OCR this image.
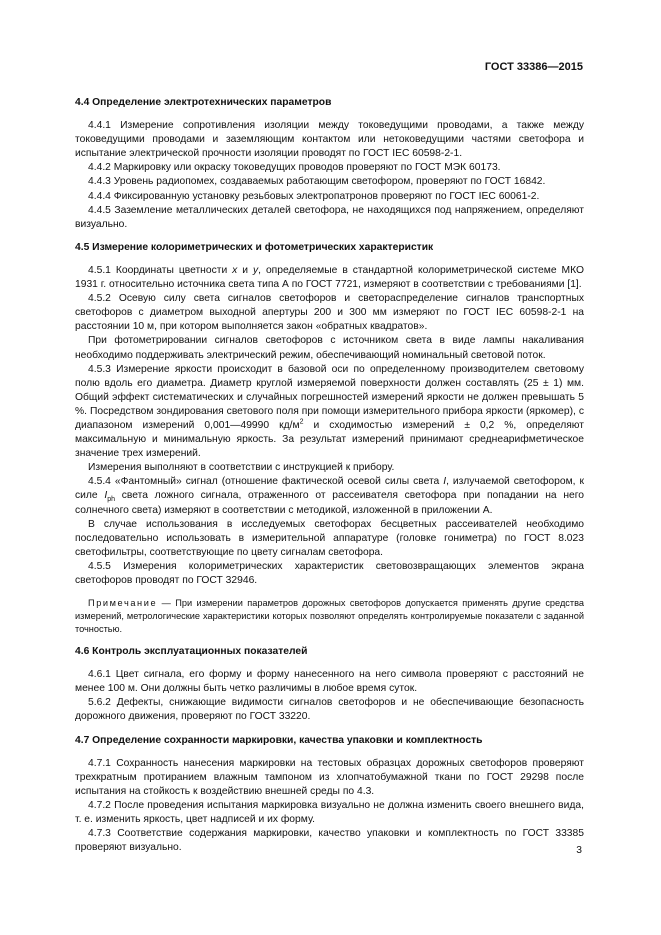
ГОСТ 33386—2015

4.4 Определение электротехнических параметров

4.4.1 Измерение сопротивления изоляции между токоведущими проводами, а также между токоведущими проводами и заземляющим контактом или нетоковедущими частями светофора и испытание электрической прочности изоляции проводят по ГОСТ IEC 60598-2-1.

4.4.2 Маркировку или окраску токоведущих проводов проверяют по ГОСТ МЭК 60173.

4.4.3 Уровень радиопомех, создаваемых работающим светофором, проверяют по ГОСТ 16842.

4.4.4 Фиксированную установку резьбовых электропатронов проверяют по ГОСТ IEC 60061-2.

4.4.5 Заземление металлических деталей светофора, не находящихся под напряжением, определяют визуально.

4.5 Измерение колориметрических и фотометрических характеристик

4.5.1 Координаты цветности x и y, определяемые в стандартной колориметрической системе МКО 1931 г. относительно источника света типа А по ГОСТ 7721, измеряют в соответствии с требованиями [1].

4.5.2 Осевую силу света сигналов светофоров и светораспределение сигналов транспортных светофоров с диаметром выходной апертуры 200 и 300 мм измеряют по ГОСТ IEC 60598-2-1 на расстоянии 10 м, при котором выполняется закон «обратных квадратов».

При фотометрировании сигналов светофоров с источником света в виде лампы накаливания необходимо поддерживать электрический режим, обеспечивающий номинальный световой поток.

4.5.3 Измерение яркости происходит в базовой оси по определенному производителем световому полю вдоль его диаметра. Диаметр круглой измеряемой поверхности должен составлять (25 ± 1) мм. Общий эффект систематических и случайных погрешностей измерений яркости не должен превышать 5 %. Посредством зондирования светового поля при помощи измерительного прибора яркости (яркомер), с диапазоном измерений 0,001—49990 $кд/м^2$ и сходимостью измерений ± 0,2 %, определяют максимальную и минимальную яркость. За результат измерений принимают среднеарифметическое значение трех измерений.

Измерения выполняют в соответствии с инструкцией к прибору.

4.5.4 «Фантомный» сигнал (отношение фактической осевой силы света I, излучаемой светофором, к силе $I_{ph}$ света ложного сигнала, отраженного от рассеивателя светофора при попадании на него солнечного света) измеряют в соответствии с методикой, изложенной в приложении А.

В случае использования в исследуемых светофорах бесцветных рассеивателей необходимо последовательно использовать в измерительной аппаратуре (головке гониметра) по ГОСТ 8.023 светофильтры, соответствующие по цвету сигналам светофора.

4.5.5 Измерения колориметрических характеристик световозвращающих элементов экрана светофоров проводят по ГОСТ 32946.

Примечание — При измерении параметров дорожных светофоров допускается применять другие средства измерений, метрологические характеристики которых позволяют определять контролируемые показатели с заданной точностью.

4.6 Контроль эксплуатационных показателей

4.6.1 Цвет сигнала, его форму и форму нанесенного на него символа проверяют с расстояний не менее 100 м. Они должны быть четко различимы в любое время суток.

5.6.2 Дефекты, снижающие видимости сигналов светофоров и не обеспечивающие безопасность дорожного движения, проверяют по ГОСТ 33220.

4.7 Определение сохранности маркировки, качества упаковки и комплектность

4.7.1 Сохранность нанесения маркировки на тестовых образцах дорожных светофоров проверяют трехкратным протиранием влажным тампоном из хлопчатобумажной ткани по ГОСТ 29298 после испытания на стойкость к воздействию внешней среды по 4.3.

4.7.2 После проведения испытания маркировка визуально не должна изменить своего внешнего вида, т. е. изменить яркость, цвет надписей и их форму.

4.7.3 Соответствие содержания маркировки, качество упаковки и комплектность по ГОСТ 33385 проверяют визуально.	3
